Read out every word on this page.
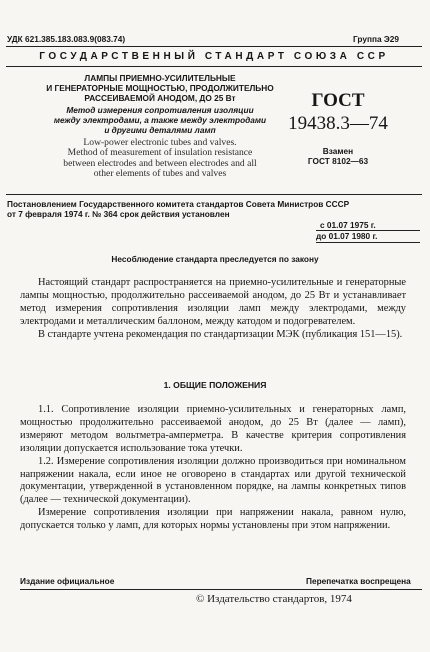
УДК 621.385.183.083.9(083.74)	Группа Э29
ГОСУДАРСТВЕННЫЙ СТАНДАРТ СОЮЗА ССР
ЛАМПЫ ПРИЕМНО-УСИЛИТЕЛЬНЫЕ
И ГЕНЕРАТОРНЫЕ МОЩНОСТЬЮ, ПРОДОЛЖИТЕЛЬНО
РАССЕИВАЕМОЙ АНОДОМ, ДО 25 Вт
Метод измерения сопротивления изоляции
между электродами, а также между электродами
и другими деталями ламп
Low-power electronic tubes and valves.
Method of measurement of insulation resistance
between electrodes and between electrodes and all
other elements of tubes and valves
ГОСТ
19438.3—74
Взамен
ГОСТ 8102—63
Постановлением Государственного комитета стандартов Совета Министров СССР
от 7 февраля 1974 г. № 364 срок действия установлен
с 01.07 1975 г.
до 01.07 1980 г.
Несоблюдение стандарта преследуется по закону

Настоящий стандарт распространяется на приемно-усилительные и генераторные лампы мощностью, продолжительно рассеиваемой анодом, до 25 Вт и устанавливает метод измерения сопротивления изоляции ламп между электродами, между электродами и металлическим баллоном, между катодом и подогревателем.

В стандарте учтена рекомендация по стандартизации МЭК (публикация 151—15).

1. ОБЩИЕ ПОЛОЖЕНИЯ

1.1. Сопротивление изоляции приемно-усилительных и генераторных ламп, мощностью продолжительно рассеиваемой анодом, до 25 Вт (далее — ламп), измеряют методом вольтметра-амперметра. В качестве критерия сопротивления изоляции допускается использование тока утечки.

1.2. Измерение сопротивления изоляции должно производиться при номинальном напряжении накала, если иное не оговорено в стандартах или другой технической документации, утвержденной в установленном порядке, на лампы конкретных типов (далее — технической документации).

Измерение сопротивления изоляции при напряжении накала, равном нулю, допускается только у ламп, для которых нормы установлены при этом напряжении.

Издание официальное	Перепечатка воспрещена
© Издательство стандартов, 1974
